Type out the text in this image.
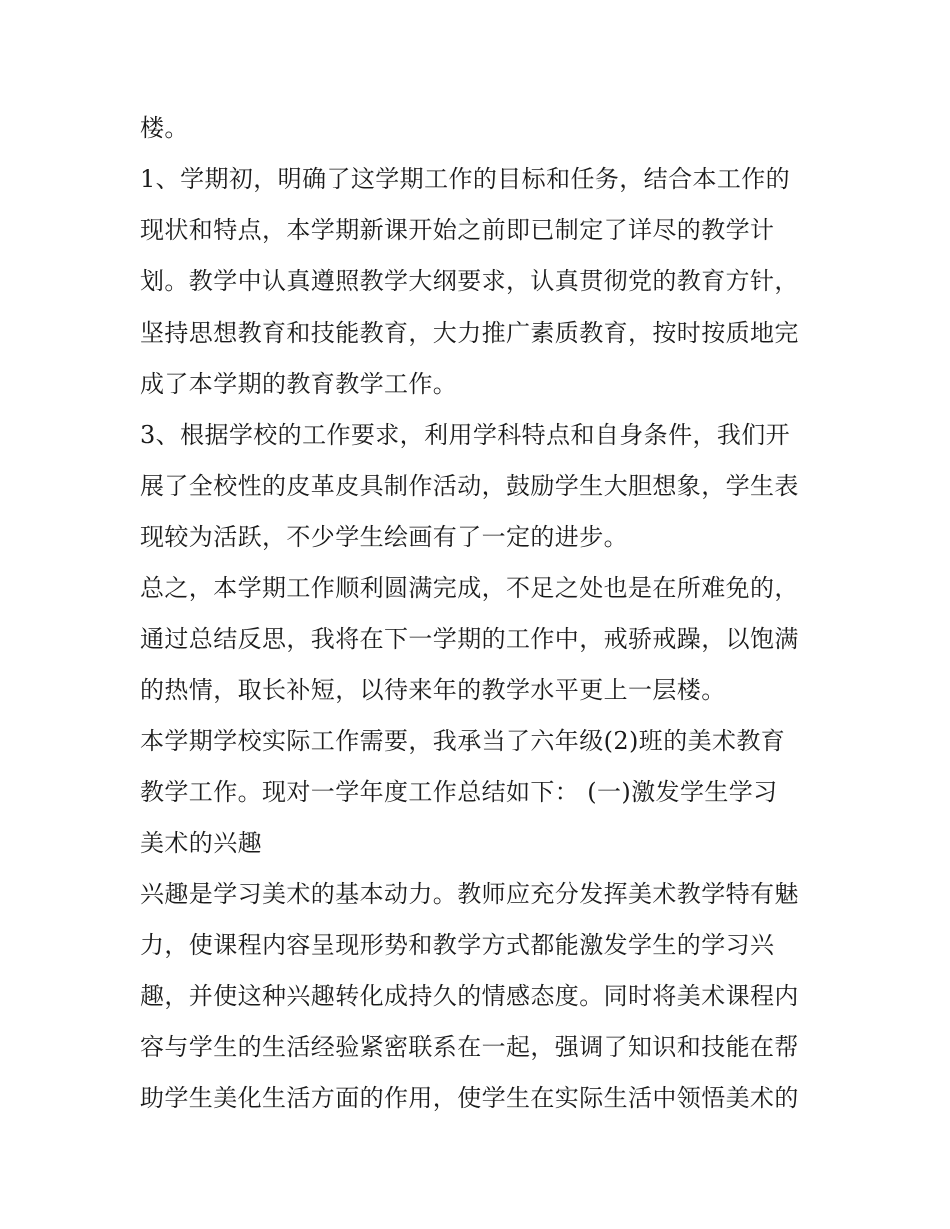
楼。
1、学期初，明确了这学期工作的目标和任务，结合本工作的
现状和特点，本学期新课开始之前即已制定了详尽的教学计
划。教学中认真遵照教学大纲要求，认真贯彻党的教育方针，
坚持思想教育和技能教育，大力推广素质教育，按时按质地完
成了本学期的教育教学工作。
3、根据学校的工作要求，利用学科特点和自身条件，我们开
展了全校性的皮革皮具制作活动，鼓励学生大胆想象，学生表
现较为活跃，不少学生绘画有了一定的进步。
总之，本学期工作顺利圆满完成，不足之处也是在所难免的，
通过总结反思，我将在下一学期的工作中，戒骄戒躁，以饱满
的热情，取长补短，以待来年的教学水平更上一层楼。
本学期学校实际工作需要，我承当了六年级(2)班的美术教育
教学工作。现对一学年度工作总结如下： (一)激发学生学习
美术的兴趣
兴趣是学习美术的基本动力。教师应充分发挥美术教学特有魅
力，使课程内容呈现形势和教学方式都能激发学生的学习兴
趣，并使这种兴趣转化成持久的情感态度。同时将美术课程内
容与学生的生活经验紧密联系在一起，强调了知识和技能在帮
助学生美化生活方面的作用，使学生在实际生活中领悟美术的
